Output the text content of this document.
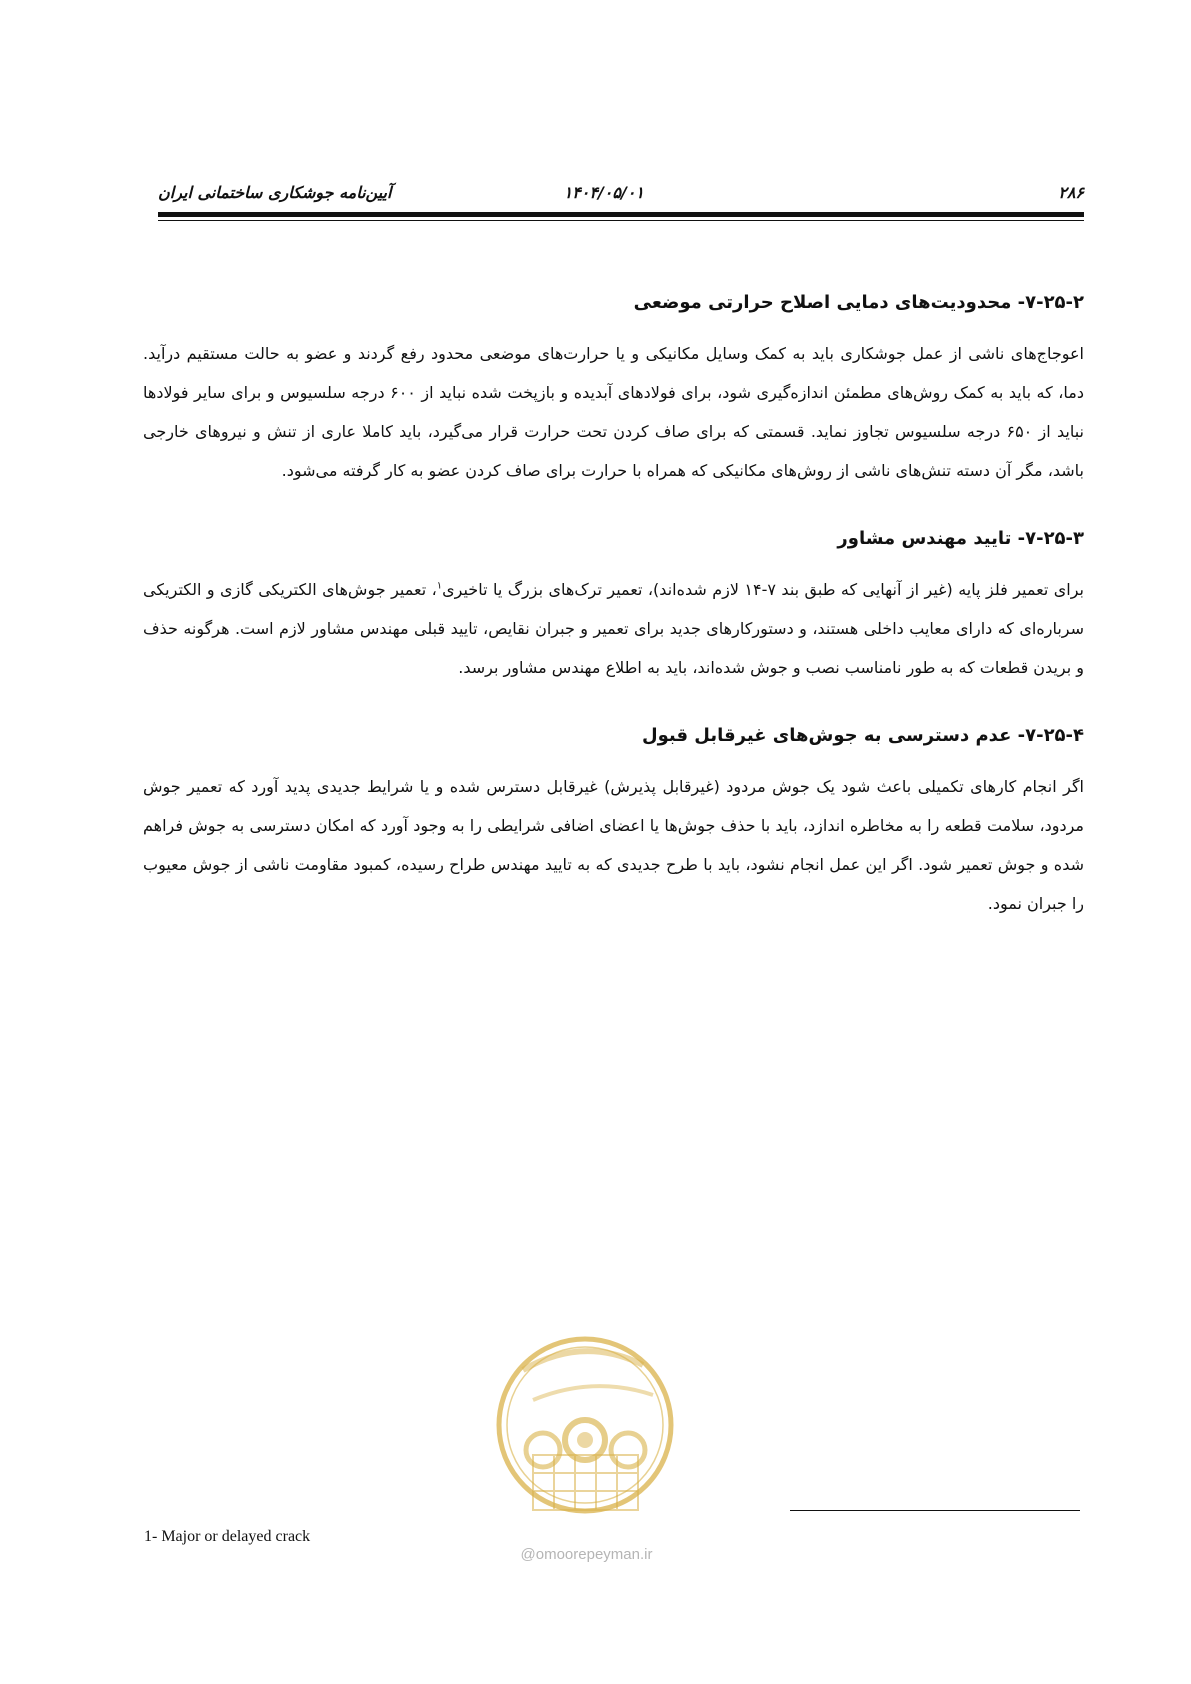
۲۸۶
۱۴۰۴/۰۵/۰۱
آیین‌نامه جوشکاری ساختمانی ایران
۷-۲۵-۲- محدودیت‌های دمایی اصلاح حرارتی موضعی

اعوجاج‌های ناشی از عمل جوشکاری باید به کمک وسایل مکانیکی و یا حرارت‌های موضعی محدود رفع گردند و عضو به حالت مستقیم درآید. دما، که باید به کمک روش‌های مطمئن اندازه‌گیری شود، برای فولادهای آبدیده و بازپخت شده نباید از ۶۰۰ درجه سلسیوس و برای سایر فولادها نباید از ۶۵۰ درجه سلسیوس تجاوز نماید. قسمتی که برای صاف کردن تحت حرارت قرار می‌گیرد، باید کاملا عاری از تنش و نیروهای خارجی باشد، مگر آن دسته تنش‌های ناشی از روش‌های مکانیکی که همراه با حرارت برای صاف کردن عضو به کار گرفته می‌شود.

۷-۲۵-۳- تایید مهندس مشاور

برای تعمیر فلز پایه (غیر از آنهایی که طبق بند ۷-۱۴ لازم شده‌اند)، تعمیر ترک‌های بزرگ یا تاخیری$^۱$، تعمیر جوش‌های الکتریکی گازی و الکتریکی سرباره‌ای که دارای معایب داخلی هستند، و دستورکارهای جدید برای تعمیر و جبران نقایص، تایید قبلی مهندس مشاور لازم است. هرگونه حذف و بریدن قطعات که به طور نامناسب نصب و جوش شده‌اند، باید به اطلاع مهندس مشاور برسد.

۷-۲۵-۴- عدم دسترسی به جوش‌های غیرقابل قبول

اگر انجام کارهای تکمیلی باعث شود یک جوش مردود (غیرقابل پذیرش) غیرقابل دسترس شده و یا شرایط جدیدی پدید آورد که تعمیر جوش مردود، سلامت قطعه را به مخاطره اندازد، باید با حذف جوش‌ها یا اعضای اضافی شرایطی را به وجود آورد که امکان دسترسی به جوش فراهم شده و جوش تعمیر شود. اگر این عمل انجام نشود، باید با طرح جدیدی که به تایید مهندس طراح رسیده، کمبود مقاومت ناشی از جوش معیوب را جبران نمود.

@omoorepeyman.ir
1- Major or delayed crack
